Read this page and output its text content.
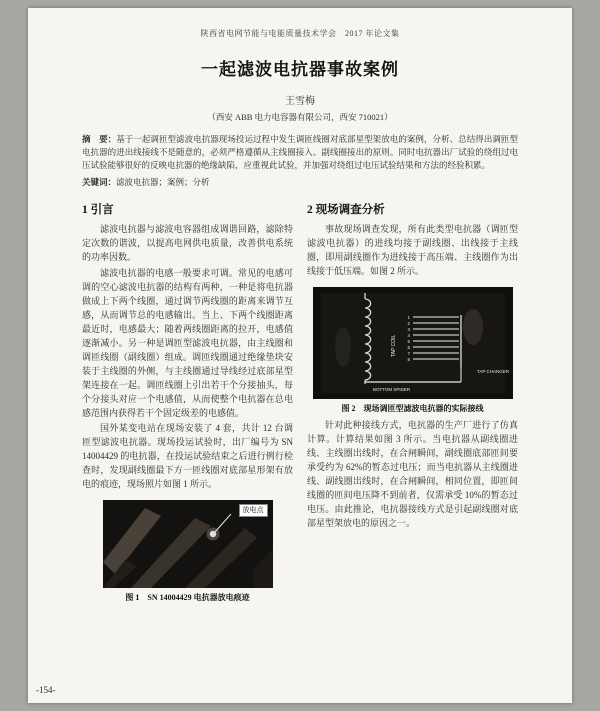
陕西省电网节能与电能质量技术学会　2017 年论文集
一起滤波电抗器事故案例
王雪梅
（西安 ABB 电力电容器有限公司，西安 710021）

摘　要：基于一起调匝型滤波电抗器现场投运过程中发生调匝线圈对底部星型架放电的案例，分析、总结得出调匝型电抗器的进出线接线不是随意的，必须严格遵循从主线圈接入、副线圈接出的原则。同时电抗器出厂试验的绕组过电压试验能够很好的反映电抗器的绝缘缺陷，应重视此试验，并加强对绕组过电压试验结果和方法的经验积累。

关键词：滤波电抗器；案例；分析

1 引言

滤波电抗器与滤波电容器组成调谐回路，滤除特定次数的谐波，以提高电网供电质量，改善供电系统的功率因数。

滤波电抗器的电感一般要求可调。常见的电感可调的空心滤波电抗器的结构有两种，一种是将电抗器做成上下两个线圈，通过调节两线圈的距离来调节互感，从而调节总的电感输出。当上、下两个线圈距离最近时，电感最大；随着两线圈距离的拉开，电感值逐渐减小。另一种是调匝型滤波电抗器，由主线圈和调匝线圈（副线圈）组成。调匝线圈通过绝缘垫块安装于主线圈的外侧，与主线圈通过导线经过底部星型架连接在一起。调匝线圈上引出若干个分接抽头，每个分接头对应一个电感值，从而使整个电抗器在总电感范围内获得若干个固定级差的电感值。

国外某变电站在现场安装了 4 套，共计 12 台调匝型滤波电抗器。现场投运试验时，出厂编号为 SN 14004429 的电抗器，在投运试验结束之后进行例行检查时，发现副线圈最下方一匝线圈对底部星形架有放电的痕迹，现场照片如图 1 所示。

放电点
图 1　SN 14004429 电抗器放电痕迹
2 现场调查分析

事故现场调查发现，所有此类型电抗器（调匝型滤波电抗器）的进线均接于副线圈、出线接于主线圈，即用副线圈作为进线接于高压端、主线圈作为出线接于低压端。如图 2 所示。

TAP COIL
1
2
3
4
5
6
7
8
BOTTOM SPIDER
TAP CHANGER
图 2　现场调匝型滤波电抗器的实际接线

针对此种接线方式，电抗器的生产厂进行了仿真计算。计算结果如图 3 所示。当电抗器从副线圈进线、主线圈出线时，在合闸瞬间，副线圈底部匝间要承受约为 62%的暂态过电压；而当电抗器从主线圈进线、副线圈出线时，在合闸瞬间，相同位置，即匝间线圈的匝间电压降不到前者，仅需承受 10%的暂态过电压。由此推论，电抗器接线方式是引起副线圈对底部星型架放电的原因之一。

-154-
